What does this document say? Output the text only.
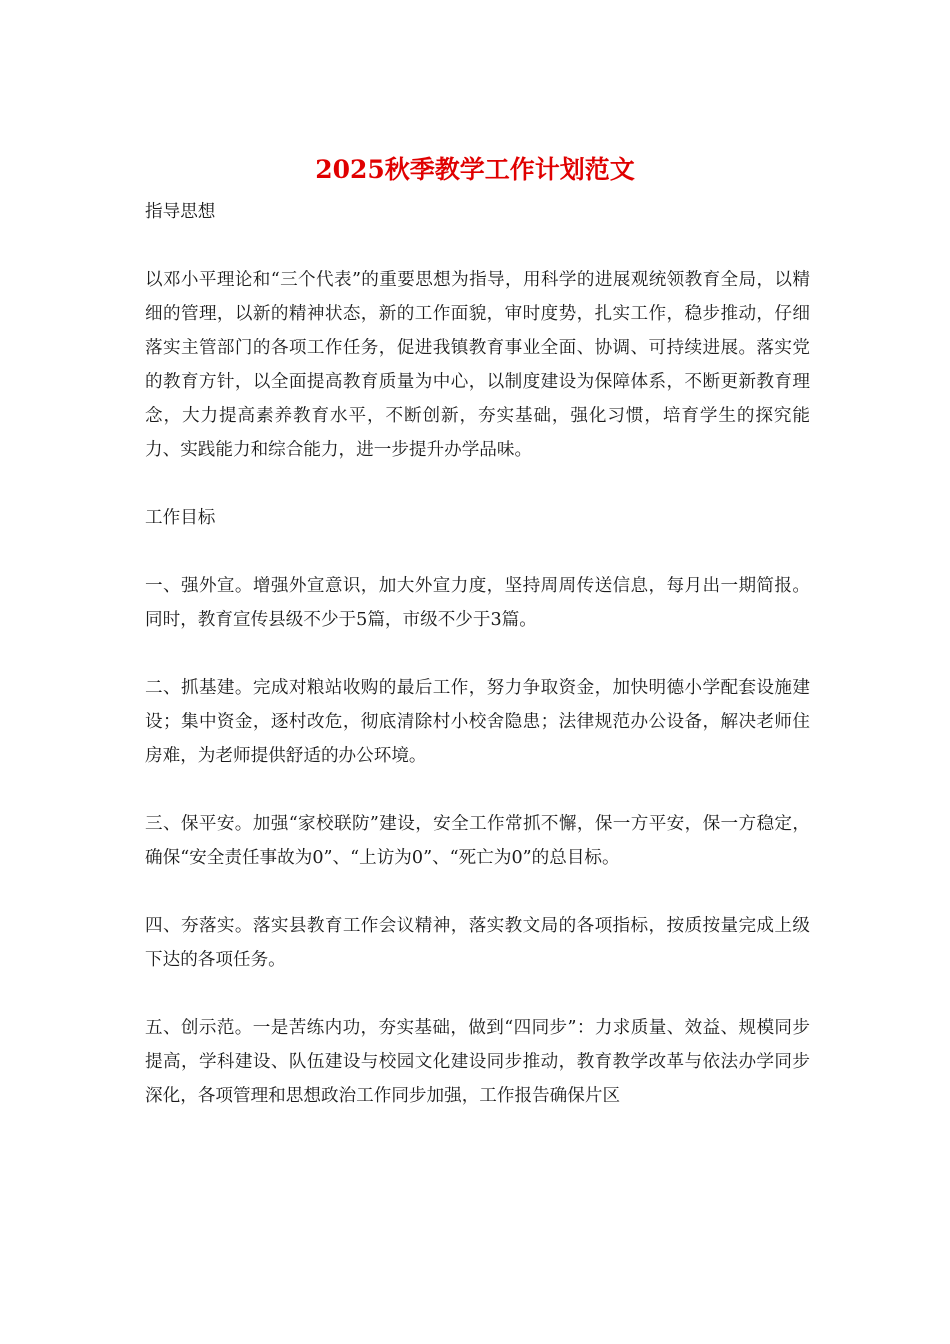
2025秋季教学工作计划范文

指导思想

以邓小平理论和“三个代表”的重要思想为指导，用科学的进展观统领教育全局，以精细的管理，以新的精神状态，新的工作面貌，审时度势，扎实工作，稳步推动，仔细落实主管部门的各项工作任务，促进我镇教育事业全面、协调、可持续进展。落实党的教育方针，以全面提高教育质量为中心，以制度建设为保障体系，不断更新教育理念，大力提高素养教育水平，不断创新，夯实基础，强化习惯，培育学生的探究能力、实践能力和综合能力，进一步提升办学品味。

工作目标

一、强外宣。增强外宣意识，加大外宣力度，坚持周周传送信息，每月出一期简报。同时，教育宣传县级不少于5篇，市级不少于3篇。

二、抓基建。完成对粮站收购的最后工作，努力争取资金，加快明德小学配套设施建设；集中资金，逐村改危，彻底清除村小校舍隐患；法律规范办公设备，解决老师住房难，为老师提供舒适的办公环境。

三、保平安。加强“家校联防”建设，安全工作常抓不懈，保一方平安，保一方稳定，确保“安全责任事故为0”、“上访为0”、“死亡为0”的总目标。

四、夯落实。落实县教育工作会议精神，落实教文局的各项指标，按质按量完成上级下达的各项任务。

五、创示范。一是苦练内功，夯实基础，做到“四同步”：力求质量、效益、规模同步提高，学科建设、队伍建设与校园文化建设同步推动，教育教学改革与依法办学同步深化，各项管理和思想政治工作同步加强，工作报告确保片区
